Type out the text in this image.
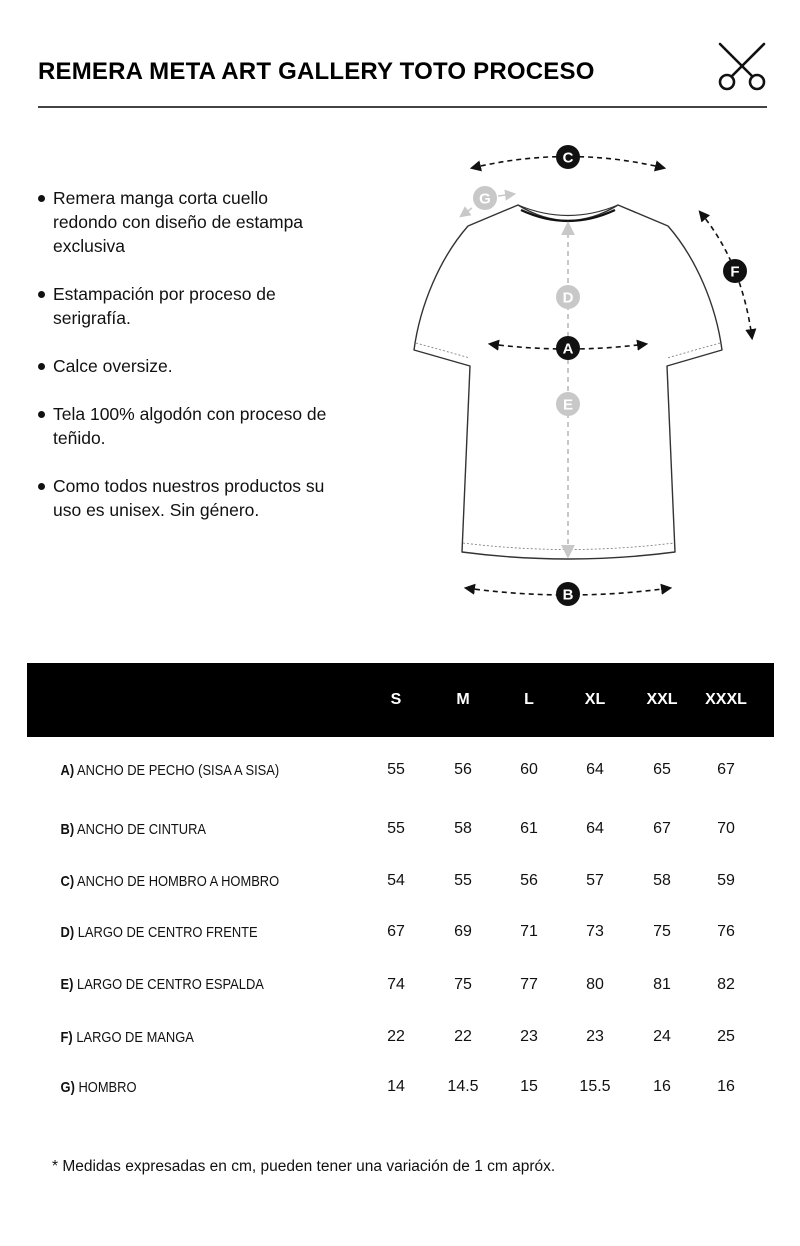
REMERA META ART GALLERY TOTO PROCESO
Remera manga corta cuello redondo con diseño de estampa exclusiva
Estampación por proceso de serigrafía.
Calce oversize.
Tela 100% algodón con proceso de teñido.
Como todos nuestros productos su uso es unisex. Sin género.
C
G
D
A
E
F
B
	S	M	L	XL	XXL	XXXL	
A) ANCHO DE PECHO (SISA A SISA)	55	56	60	64	65	67	
B) ANCHO DE CINTURA	55	58	61	64	67	70	
C) ANCHO DE HOMBRO A HOMBRO	54	55	56	57	58	59	
D) LARGO DE CENTRO FRENTE	67	69	71	73	75	76	
E) LARGO DE CENTRO ESPALDA	74	75	77	80	81	82	
F) LARGO DE MANGA	22	22	23	23	24	25	
G) HOMBRO	14	14.5	15	15.5	16	16	

* Medidas expresadas en cm, pueden tener una variación de 1 cm apróx.
